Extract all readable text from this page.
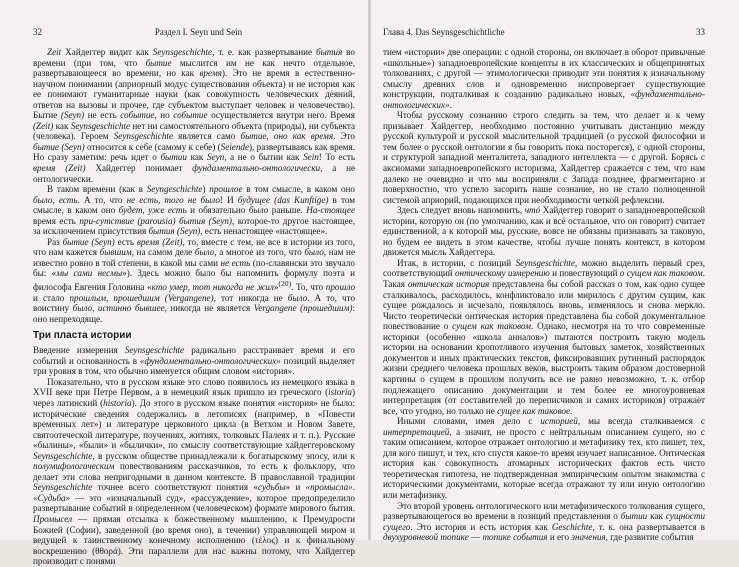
32	Раздел I. Seyn und Sein

Zeit Хайдеггер видит как Seynsgeschichte, т. е. как развертывание бытия во времени (при том, что бытие мыслится им не как нечто отдельное, развертывающееся во времени, но как время). Это не время в естественно-научном понимании (априорный модус существования объекта) и не история как ее понимают гуманитарные науки (как совокупность человеческих деяний, ответов на вызовы и прочее, где субъектом выступает человек и человечество). Бытие (Seyn) не есть событие, но событие осуществляется внутри него. Время (Zeit) как Seynsgeschichte нет ни самостоятельного объекта (природы), ни субъекта (человека). Героем Seynsgeschichte является само бытие, оно как время. Это бытие (Seyn) относится к себе (самому к себе) (Seiende), развертываясь как время. Но сразу заметим: речь идет о бытии как Seyn, а не о бытии как Sein! То есть время (Zeit) Хайдеггер понимает фундаментально-онтологически, а не онтологически.

В таком времени (как в Seyngeschichte) прошлое в том смысле, в каком оно было, есть. А то, что не есть, того не было! И будущее (das Kunftige) в том смысле, в каком оно будет, уже есть и обязательно было раньше. На-стоящее время есть при-сутствие (parousia) бытия (Seyn), которое-то другое настоящее, за исключением присутствия бытия (Seyn), есть ненастоящее «настоящее».

Раз бытие (Seyn) есть время (Zeit), то, вместе с тем, не все в истории из того, что нам кажется бывшим, на самом деле было, а многое из того, что было, нам не известно ровно в той степени, в какой мы сами не есть (по-славянски это звучало бы: «мы сами несмы»). Здесь можно было бы напомнить формулу поэта и философа Евгения Головина «кто умер, тот никогда не жил»$^{(20)}$. То, что прошло и стало прошлым, прошедшим (Vergangene), тот никогда не было. А то, что воистину было, истинно бывшее, никогда не является Vergangene (прошедшим): оно непреходяще.

Три пласта истории

Введение измерения Seynsgeschichte радикально расстраивает время и его событий и основанность в «фундаментально-онтологических» позиций выделяет три уровня в том, что обычно именуется общим словом «история».

Показательно, что в русском языке это слово появилось из немецкого языка в XVII веке при Петре Первом, а в немецкий язык пришло из греческого (istoria) через латинский (historia). До этого в русском языке понятия «история» не было: исторические сведения содержались в летописях (например, в «Повести временных лет») и литературе церковного цикла (в Ветхом и Новом Завете, святоотеческой литературе, поучениях, житиях, толковых Палеях и т. п.). Русские «былины», «были» и «былички», по смыслу соответствующие хайдеггеровскому Seynsgeschichte, в русском обществе принадлежали к богатырскому эпосу, или к полумифологическим повествованиям рассказчиков, то есть к фольклору, что делает эти слова непригодными в данном контексте. В православной традиции Seynsgeschichte точнее всего соответствуют понятия «судьбы» и «промысла». «Судьба» — это «изначальный суд», «рассуждение», которое предопределило развертывание событий в определенном (человеческом) формате мирового бытия. Промысел — прямая отсылка к божественному мышлению, к Премудрости Божией (Софии), заведенной (во время оно), в течении) управляющей миром и ведущей к таинственному конечному исполнению (τέλος) и к финальному воскрешению (θθορά). Эти параллели для нас важны потому, что Хайдеггер производит с понями

Глава 4. Das Seynsgeschichtliche	33

тием «истории» две операции: с одной стороны, он включает в оборот привычные «школьные») западноевропейские концепты в их классических и общепринятых толкованиях, с другой — этимологически приводит эти понятия к изначальному смыслу древних слов и одновременно ниспровергает существующие конструкции, подталкивая к созданию радикально новых, «фундаментально-онтологических».

Чтобы русскому сознанию строго следить за тем, что делает и к чему призывает Хайдеггер, необходимо постоянно учитывать дистанцию между русской культурой и русской мыслительной традицией (о русской философии и тем более о русской онтологии я бы говорить пока посторегся), с одной стороны, и структурой западной менталитета, западного интеллекта — с другой. Борясь с аксиомами западноевропейского историзма, Хайдеггер сражается с тем, что нам далеко не очевидно и что мы восприняли с Запада позднее, фрагментарно и поверхностно, что успело засорить наше сознание, но не стало полноценной системой априорий, подающихся при необходимости четкой рефлексии.

Здесь следует вновь напомнить, чтó Хайдеггер говорит о западноевропейской истории, которую он (по умолчанию, как и всё остальное, что он говорит) считает единственной, а к которой мы, русские, вовсе не обязаны признавать за таковую, но будем ее видеть в этом качестве, чтобы лучше понять контекст, в котором движется мысль Хайдеггера.

Итак, в истории, с позиций Seynsgeschichte, можно выделить первый срез, соответствующий онтическому измерению и повествующий о сущем как таковом. Такая онтическая история представлена бы собой рассказ о том, как одно сущее сталкивалось, расходилось, конфликтовало или мирилось с другим сущим, как сущее рождалось и исчезало, появлялось вновь, изменялось и снова меркло. Чисто теоретически онтическая история представлена бы собой документальное повествование о сущем как таковом. Однако, несмотря на то что современные историки (особенно «школа анналов») пытаются построить такую модель истории на основании кропотливого изучения бытовых заметок, хозяйственных документов и иных практических текстов, фиксировавших рутинный распорядок жизни среднего человека прошлых веков, выстроить таким образом достоверной картины о сущем в прошлом получить все не равно невозможно, т. к. отбор подлежащего описанию документации и тем более ее многоуровневая интерпретация (от составителей до переписчиков и самих историков) отражает все, что угодно, но только не сущее как таковое.

Иными словами, имея дело с историей, мы всегда сталкиваемся с интерпретацией, а значит, не просто с нейтральным описанием сущего, но с таким описанием, которое отражает онтологию и метафизику тех, кто пишет, тех, для кого пишут, и тех, кто спустя какое-то время изучает написанное. Онтическая история как совокупность атомарных исторических фактов есть чисто теоретическая гипотеза, не подтвержденная эмпирическим опытом знакомства с историческими документами, которые всегда отражают ту или иную онтологию или метафизику.

Это второй уровень онтологического или метафизического толкования сущего, развертывающегося во времени в позиций представления о бытии как сущности сущего. Это история и есть история как Geschichte, т. к. она развертывается в двухуровневой топике — топике события и его значения, где развитие события
